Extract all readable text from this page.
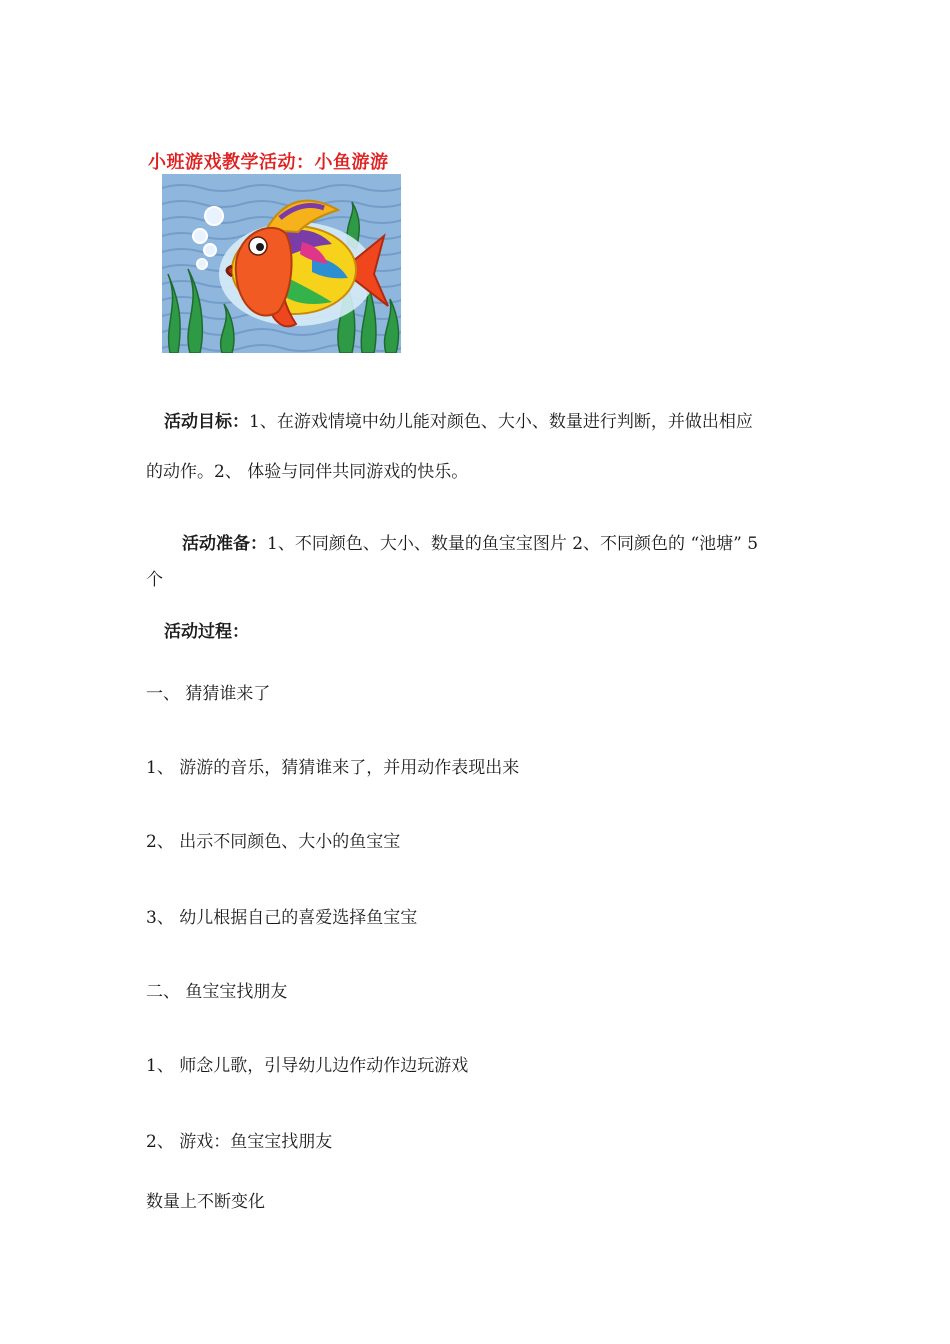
小班游戏教学活动：小鱼游游
活动目标：1、在游戏情境中幼儿能对颜色、大小、数量进行判断，并做出相应
的动作。2、 体验与同伴共同游戏的快乐。
活动准备：1、不同颜色、大小、数量的鱼宝宝图片 2、不同颜色的 “池塘” 5
个
活动过程：
一、 猜猜谁来了
1、 游游的音乐，猜猜谁来了，并用动作表现出来
2、 出示不同颜色、大小的鱼宝宝
3、 幼儿根据自己的喜爱选择鱼宝宝
二、 鱼宝宝找朋友
1、 师念儿歌，引导幼儿边作动作边玩游戏
2、 游戏：鱼宝宝找朋友
数量上不断变化
